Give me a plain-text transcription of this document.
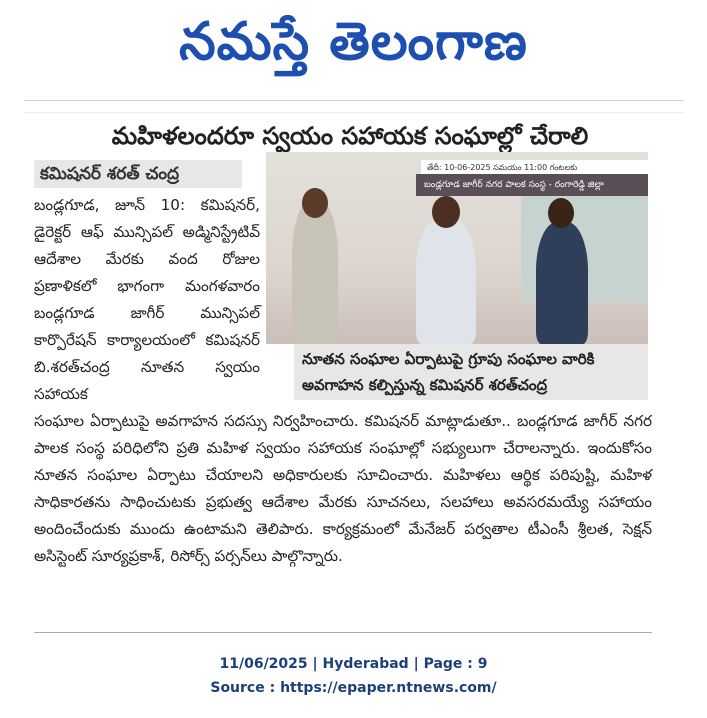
నమస్తే తెలంగాణ
మహిళలందరూ స్వయం సహాయక సంఘాల్లో చేరాలి
కమిషనర్ శరత్ చంద్ర	తేదీ: 10-06-2025 సమయం 11:00 గంటలకు
బండ్లగూడ జాగీర్ నగర పాలక సంస్థ - రంగారెడ్డి జిల్లా
నూతన సంఘాల ఏర్పాటుపై గ్రూపు సంఘాల వారికి అవగాహన కల్పిస్తున్న కమిషనర్ శరత్‌చంద్ర
బండ్లగూడ, జూన్ 10: కమిషనర్, డైరెక్టర్ ఆఫ్ మున్సిపల్ అడ్మినిస్ట్రేటివ్ ఆదేశాల మేరకు వంద రోజుల ప్రణాళికలో భాగంగా మంగళవారం బండ్లగూడ జాగీర్ మున్సిపల్ కార్పొరేషన్ కార్యాలయంలో కమిషనర్ బి.శరత్‌చంద్ర నూతన స్వయం సహాయక
సంఘాల ఏర్పాటుపై అవగాహన సదస్సు నిర్వహించారు. కమిషనర్ మాట్లాడుతూ.. బండ్లగూడ జాగీర్ నగర పాలక సంస్థ పరిధిలోని ప్రతి మహిళ స్వయం సహాయక సంఘాల్లో సభ్యులుగా చేరాలన్నారు. ఇందుకోసం నూతన సంఘాల ఏర్పాటు చేయాలని అధికారులకు సూచించారు. మహిళలు ఆర్థిక పరిపుష్టి, మహిళ సాధికారతను సాధించుటకు ప్రభుత్వ ఆదేశాల మేరకు సూచనలు, సలహాలు అవసరమయ్యే సహాయం అందించేందుకు ముందు ఉంటామని తెలిపారు. కార్యక్రమంలో మేనేజర్ పర్వతాల టీఎంసీ శ్రీలత, సెక్షన్ అసిస్టెంట్ సూర్యప్రకాశ్, రిసోర్స్ పర్సన్‌లు పాల్గొన్నారు.
11/06/2025 | Hyderabad | Page : 9
Source : https://epaper.ntnews.com/
